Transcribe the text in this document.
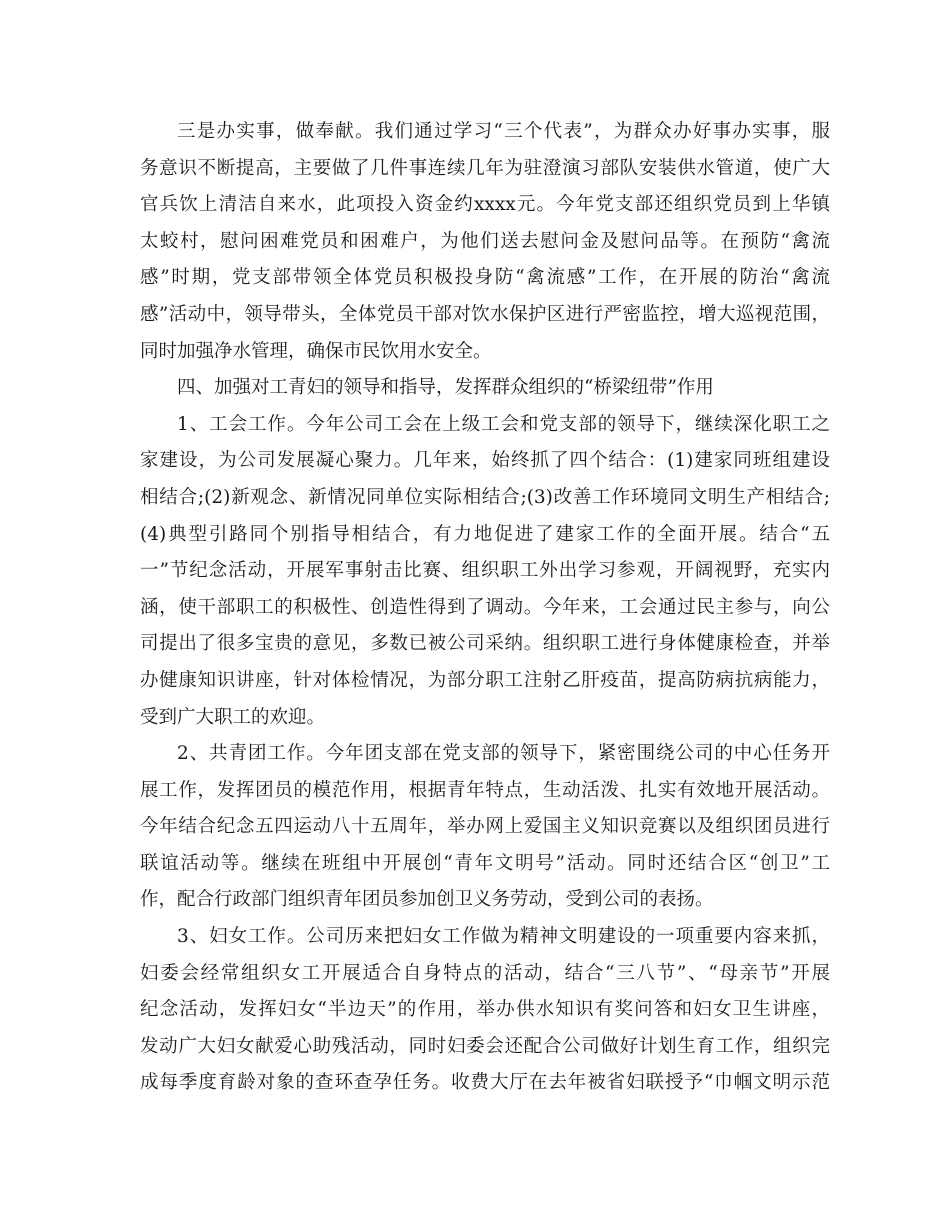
三是办实事，做奉献。我们通过学习“三个代表”，为群众办好事办实事，服
务意识不断提高，主要做了几件事连续几年为驻澄演习部队安装供水管道，使广大
官兵饮上清洁自来水，此项投入资金约xxxx元。今年党支部还组织党员到上华镇
太蛟村，慰问困难党员和困难户，为他们送去慰问金及慰问品等。在预防“禽流
感”时期，党支部带领全体党员积极投身防“禽流感”工作，在开展的防治“禽流
感”活动中，领导带头，全体党员干部对饮水保护区进行严密监控，增大巡视范围，
同时加强净水管理，确保市民饮用水安全。
四、加强对工青妇的领导和指导，发挥群众组织的“桥梁纽带”作用
1、工会工作。今年公司工会在上级工会和党支部的领导下，继续深化职工之
家建设，为公司发展凝心聚力。几年来，始终抓了四个结合：(1)建家同班组建设
相结合;(2)新观念、新情况同单位实际相结合;(3)改善工作环境同文明生产相结合;
(4)典型引路同个别指导相结合，有力地促进了建家工作的全面开展。结合“五
一”节纪念活动，开展军事射击比赛、组织职工外出学习参观，开阔视野，充实内
涵，使干部职工的积极性、创造性得到了调动。今年来，工会通过民主参与，向公
司提出了很多宝贵的意见，多数已被公司采纳。组织职工进行身体健康检查，并举
办健康知识讲座，针对体检情况，为部分职工注射乙肝疫苗，提高防病抗病能力，
受到广大职工的欢迎。
2、共青团工作。今年团支部在党支部的领导下，紧密围绕公司的中心任务开
展工作，发挥团员的模范作用，根据青年特点，生动活泼、扎实有效地开展活动。
今年结合纪念五四运动八十五周年，举办网上爱国主义知识竞赛以及组织团员进行
联谊活动等。继续在班组中开展创“青年文明号”活动。同时还结合区“创卫”工
作，配合行政部门组织青年团员参加创卫义务劳动，受到公司的表扬。
3、妇女工作。公司历来把妇女工作做为精神文明建设的一项重要内容来抓，
妇委会经常组织女工开展适合自身特点的活动，结合“三八节”、“母亲节”开展
纪念活动，发挥妇女“半边天”的作用，举办供水知识有奖问答和妇女卫生讲座，
发动广大妇女献爱心助残活动，同时妇委会还配合公司做好计划生育工作，组织完
成每季度育龄对象的查环查孕任务。收费大厅在去年被省妇联授予“巾帼文明示范
